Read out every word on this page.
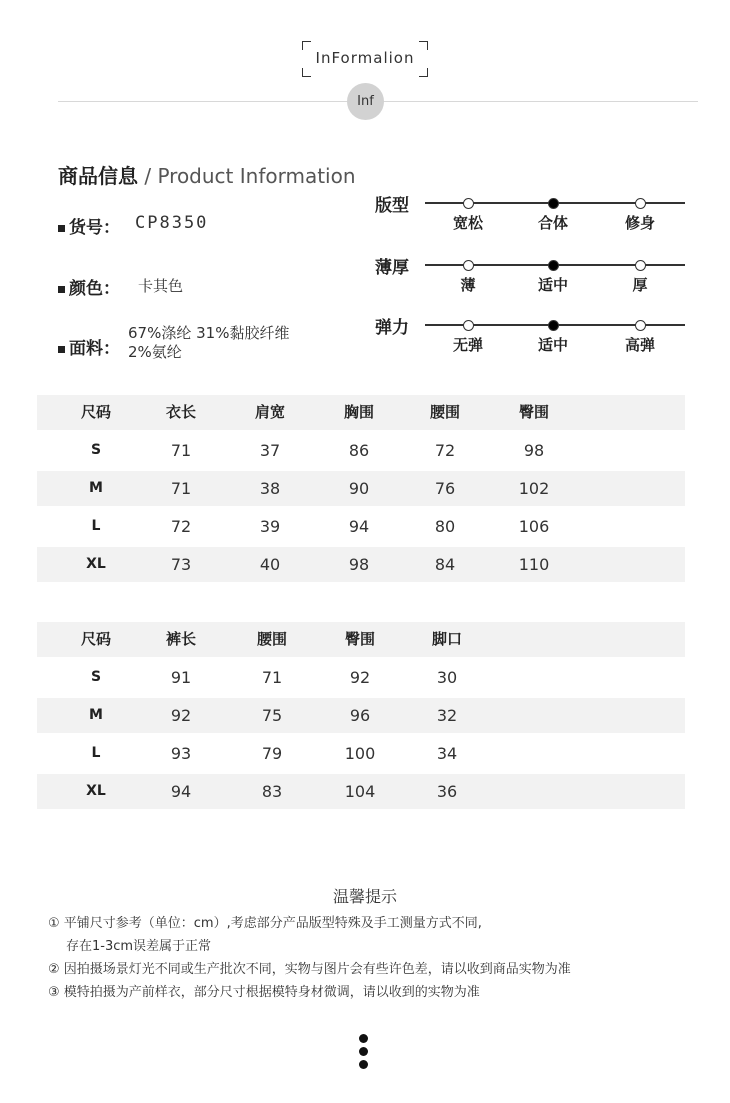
InFormalion
Inf
商品信息 / Product Information
货号： CP8350
颜色： 卡其色
面料：
67%涤纶 31%黏胶纤维
2%氨纶
版型
宽松	合体	修身
薄厚
薄	适中	厚
弹力
无弹	适中	高弹
尺码	衣长	肩宽	胸围	腰围	臀围
S	71	37	86	72	98
M	71	38	90	76	102
L	72	39	94	80	106
XL	73	40	98	84	110
尺码	裤长	腰围	臀围	脚口
S	91	71	92	30
M	92	75	96	32
L	93	79	100	34
XL	94	83	104	36
温馨提示
① 平铺尺寸参考（单位：cm）,考虑部分产品版型特殊及手工测量方式不同,
存在1-3cm误差属于正常
② 因拍摄场景灯光不同或生产批次不同，实物与图片会有些许色差，请以收到商品实物为准
③ 模特拍摄为产前样衣，部分尺寸根据模特身材微调，请以收到的实物为准
